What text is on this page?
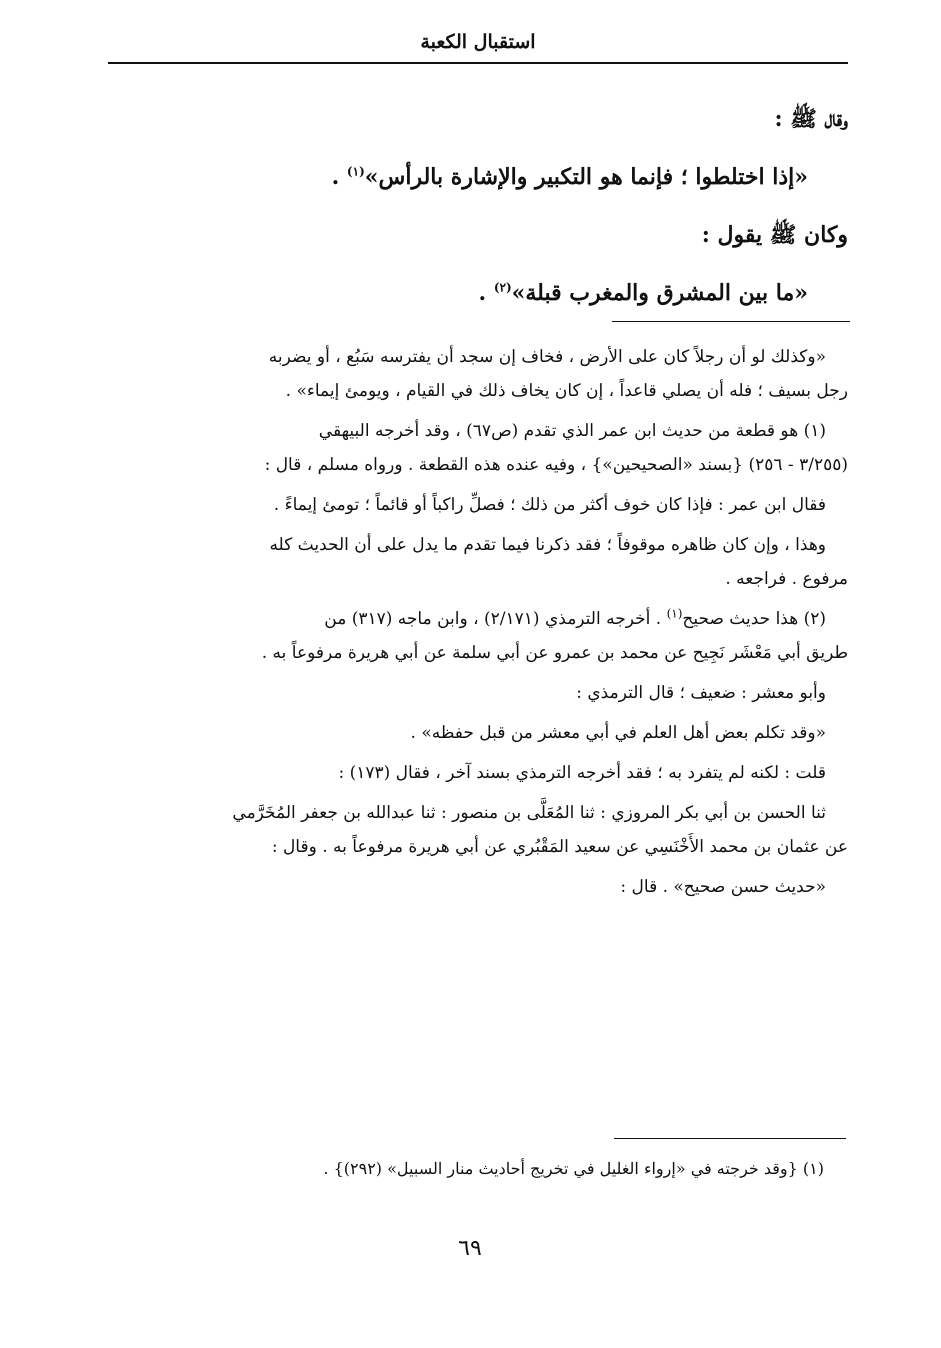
استقبال الكعبة

وقال ﷺ :

«إذا اختلطوا ؛ فإنما هو التكبير والإشارة بالرأس»$^{(١)}$ .

وكان ﷺ يقول :

«ما بين المشرق والمغرب قبلة»$^{(٢)}$ .

«وكذلك لو أن رجلاً كان على الأرض ، فخاف إن سجد أن يفترسه سَبُع ، أو يضربه

رجل بسيف ؛ فله أن يصلي قاعداً ، إن كان يخاف ذلك في القيام ، ويومئ إيماء» .

(١) هو قطعة من حديث ابن عمر الذي تقدم (ص٦٧) ، وقد أخرجه البيهقي

(٣/٢٥٥ - ٢٥٦) {بسند «الصحيحين»} ، وفيه عنده هذه القطعة . ورواه مسلم ، قال :

فقال ابن عمر : فإذا كان خوف أكثر من ذلك ؛ فصلِّ راكباً أو قائماً ؛ تومئ إيماءً .

وهذا ، وإن كان ظاهره موقوفاً ؛ فقد ذكرنا فيما تقدم ما يدل على أن الحديث كله

مرفوع . فراجعه .

(٢) هذا حديث صحيح$^{(١)}$ . أخرجه الترمذي (٢/١٧١) ، وابن ماجه (٣١٧) من

طريق أبي مَعْشَر نَجِيح عن محمد بن عمرو عن أبي سلمة عن أبي هريرة مرفوعاً به .

وأبو معشر : ضعيف ؛ قال الترمذي :

«وقد تكلم بعض أهل العلم في أبي معشر من قبل حفظه» .

قلت : لكنه لم يتفرد به ؛ فقد أخرجه الترمذي بسند آخر ، فقال (١٧٣) :

ثنا الحسن بن أبي بكر المروزي : ثنا المُعَلَّى بن منصور : ثنا عبدالله بن جعفر المُخَرَّمي

عن عثمان بن محمد الأَخْنَسِي عن سعيد المَقْبُري عن أبي هريرة مرفوعاً به . وقال :

«حديث حسن صحيح» . قال :

(١) {وقد خرجته في «إرواء الغليل في تخريج أحاديث منار السبيل» (٢٩٢)} .

٦٩
